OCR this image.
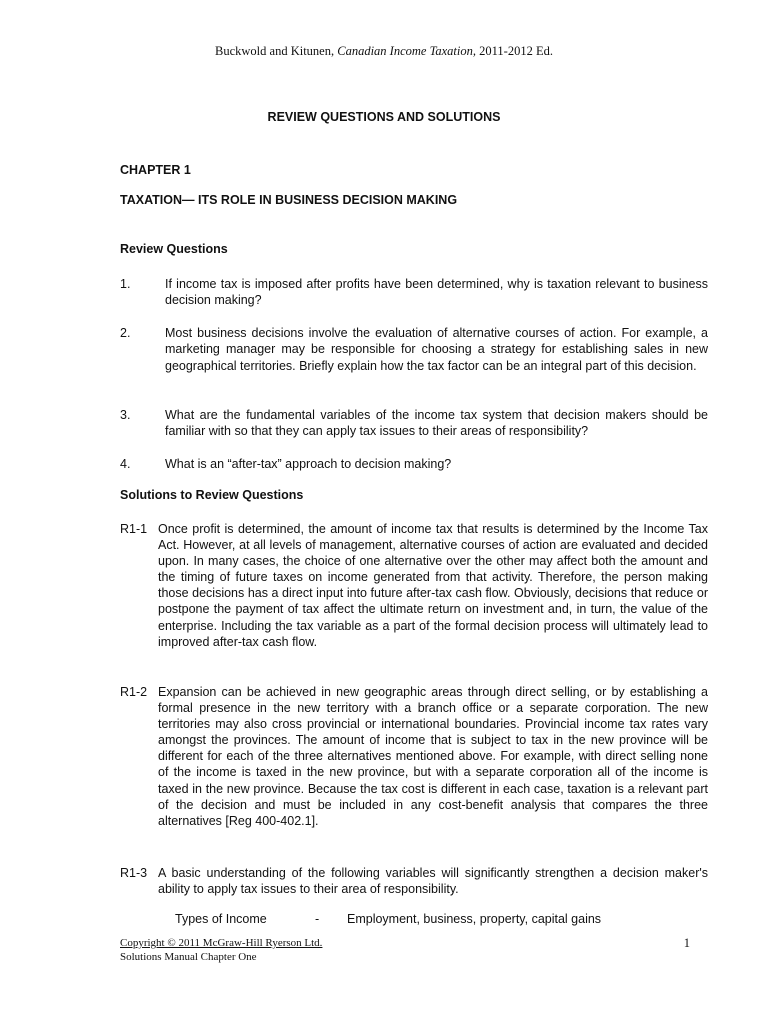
Buckwold and Kitunen, Canadian Income Taxation, 2011-2012 Ed.
REVIEW QUESTIONS AND SOLUTIONS
CHAPTER 1
TAXATION— ITS ROLE IN BUSINESS DECISION MAKING
Review Questions
1.	If income tax is imposed after profits have been determined, why is taxation relevant to business decision making?
2.	Most business decisions involve the evaluation of alternative courses of action. For example, a marketing manager may be responsible for choosing a strategy for establishing sales in new geographical territories. Briefly explain how the tax factor can be an integral part of this decision.
3.	What are the fundamental variables of the income tax system that decision makers should be familiar with so that they can apply tax issues to their areas of responsibility?
4.	What is an “after-tax” approach to decision making?
Solutions to Review Questions
R1-1 Once profit is determined, the amount of income tax that results is determined by the Income Tax Act. However, at all levels of management, alternative courses of action are evaluated and decided upon. In many cases, the choice of one alternative over the other may affect both the amount and the timing of future taxes on income generated from that activity. Therefore, the person making those decisions has a direct input into future after-tax cash flow. Obviously, decisions that reduce or postpone the payment of tax affect the ultimate return on investment and, in turn, the value of the enterprise. Including the tax variable as a part of the formal decision process will ultimately lead to improved after-tax cash flow.
R1-2 Expansion can be achieved in new geographic areas through direct selling, or by establishing a formal presence in the new territory with a branch office or a separate corporation. The new territories may also cross provincial or international boundaries. Provincial income tax rates vary amongst the provinces. The amount of income that is subject to tax in the new province will be different for each of the three alternatives mentioned above. For example, with direct selling none of the income is taxed in the new province, but with a separate corporation all of the income is taxed in the new province. Because the tax cost is different in each case, taxation is a relevant part of the decision and must be included in any cost-benefit analysis that compares the three alternatives [Reg 400-402.1].
R1-3 A basic understanding of the following variables will significantly strengthen a decision maker's ability to apply tax issues to their area of responsibility.
Types of Income	- Employment, business, property, capital gains
Copyright © 2011 McGraw-Hill Ryerson Ltd.
Solutions Manual Chapter One
1
